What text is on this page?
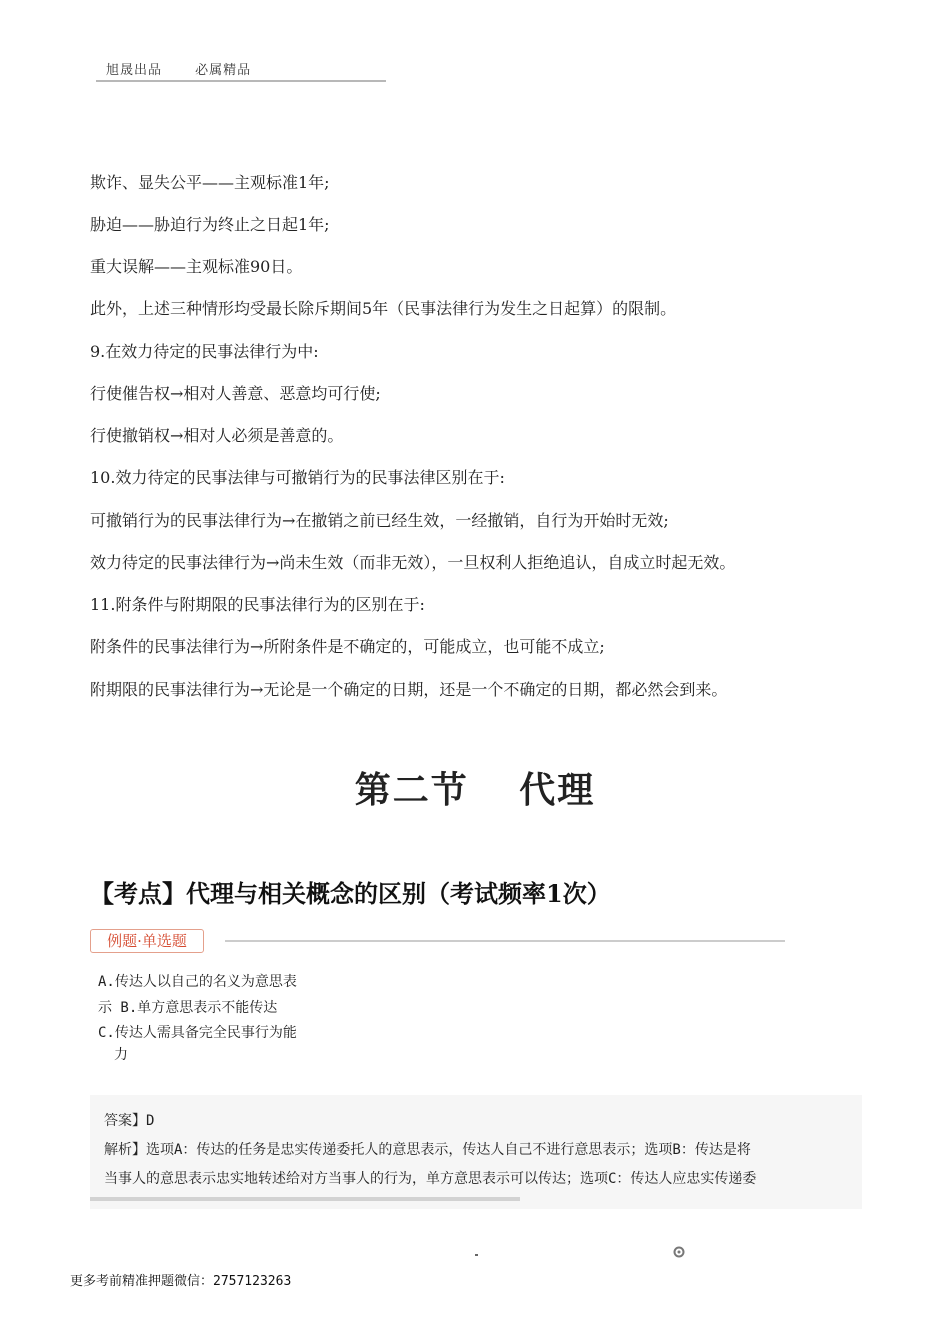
旭晟出品	必属精品
欺诈、显失公平——主观标准1年;
胁迫——胁迫行为终止之日起1年;
重大误解——主观标准90日。
此外，上述三种情形均受最长除斥期间5年（民事法律行为发生之日起算）的限制。
9.在效力待定的民事法律行为中:
行使催告权→相对人善意、恶意均可行使;
行使撤销权→相对人必须是善意的。
10.效力待定的民事法律与可撤销行为的民事法律区别在于:
可撤销行为的民事法律行为→在撤销之前已经生效，一经撤销，自行为开始时无效;
效力待定的民事法律行为→尚未生效（而非无效），一旦权利人拒绝追认，自成立时起无效。
11.附条件与附期限的民事法律行为的区别在于:
附条件的民事法律行为→所附条件是不确定的，可能成立，也可能不成立;
附期限的民事法律行为→无论是一个确定的日期，还是一个不确定的日期，都必然会到来。
第二节 代理
【考点】代理与相关概念的区别（考试频率1次）
例题·单选题
A.传达人以自己的名义为意思表
示 B.单方意思表示不能传达
C.传达人需具备完全民事行为能
力
答案】D
解析】选项A：传达的任务是忠实传递委托人的意思表示，传达人自己不进行意思表示；选项B：传达是将
当事人的意思表示忠实地转述给对方当事人的行为，单方意思表示可以传达；选项C：传达人应忠实传递委
更多考前精准押题微信：2757123263
